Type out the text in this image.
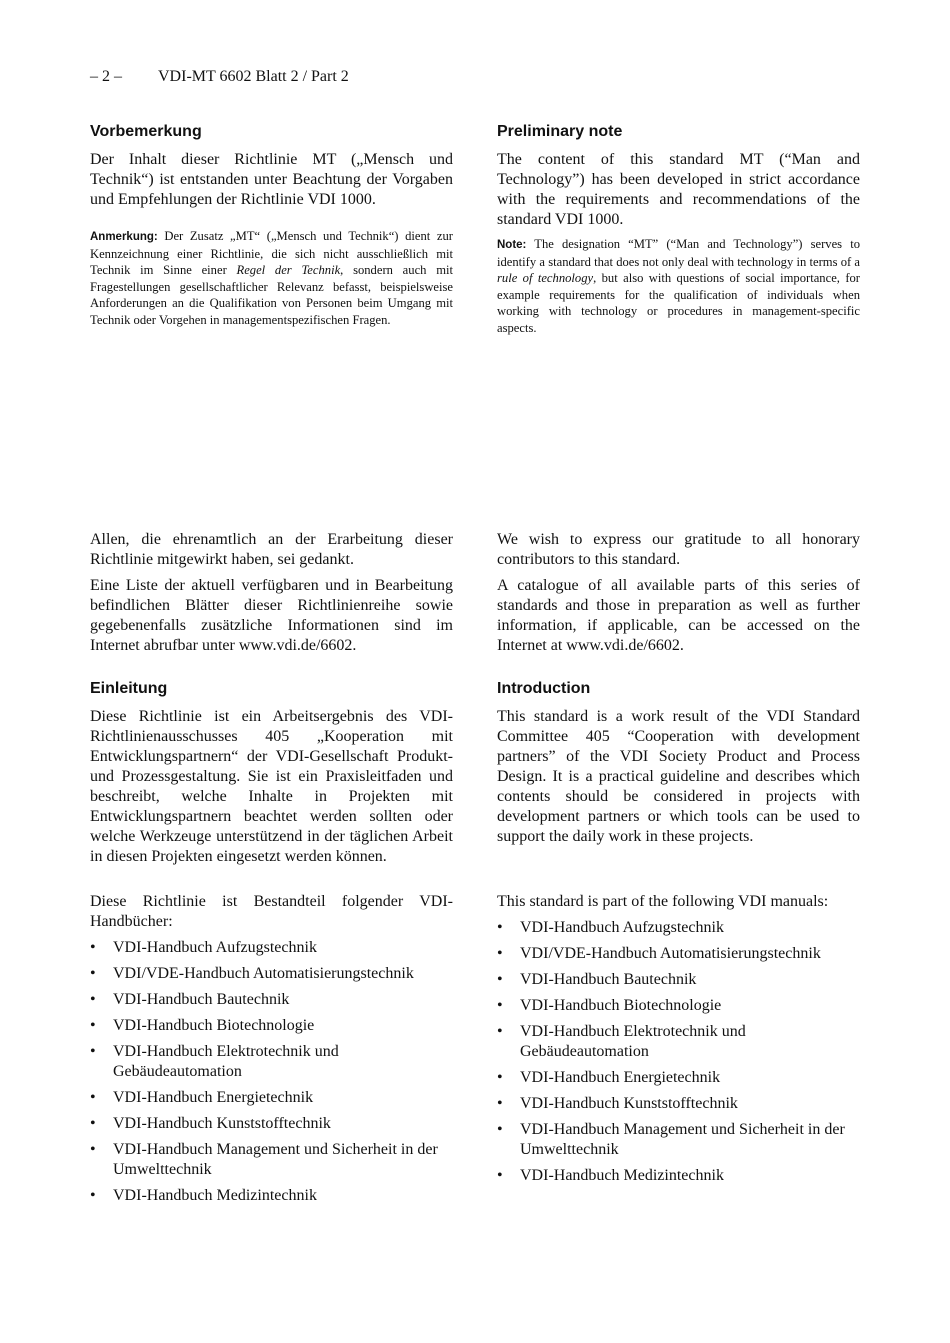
– 2 – VDI-MT 6602 Blatt 2 / Part 2
Vorbemerkung

Der Inhalt dieser Richtlinie MT („Mensch und Technik“) ist entstanden unter Beachtung der Vorgaben und Empfehlungen der Richtlinie VDI 1000.

Anmerkung: Der Zusatz „MT“ („Mensch und Technik“) dient zur Kennzeichnung einer Richtlinie, die sich nicht ausschließlich mit Technik im Sinne einer Regel der Technik, sondern auch mit Fragestellungen gesellschaftlicher Relevanz befasst, beispielsweise Anforderungen an die Qualifikation von Personen beim Umgang mit Technik oder Vorgehen in managementspezifischen Fragen.

Allen, die ehrenamtlich an der Erarbeitung dieser Richtlinie mitgewirkt haben, sei gedankt.

Eine Liste der aktuell verfügbaren und in Bearbeitung befindlichen Blätter dieser Richtlinienreihe sowie gegebenenfalls zusätzliche Informationen sind im Internet abrufbar unter www.vdi.de/6602.

Einleitung

Diese Richtlinie ist ein Arbeitsergebnis des VDI-Richtlinienausschusses 405 „Kooperation mit Entwicklungspartnern“ der VDI-Gesellschaft Produkt- und Prozessgestaltung. Sie ist ein Praxisleitfaden und beschreibt, welche Inhalte in Projekten mit Entwicklungspartnern beachtet werden sollten oder welche Werkzeuge unterstützend in der täglichen Arbeit in diesen Projekten eingesetzt werden können.

Diese Richtlinie ist Bestandteil folgender VDI-Handbücher:

• VDI-Handbuch Aufzugstechnik
• VDI/VDE-Handbuch Automatisierungstechnik
• VDI-Handbuch Bautechnik
• VDI-Handbuch Biotechnologie
• VDI-Handbuch Elektrotechnik und Gebäudeautomation
• VDI-Handbuch Energietechnik
• VDI-Handbuch Kunststofftechnik
• VDI-Handbuch Management und Sicherheit in der Umwelttechnik
• VDI-Handbuch Medizintechnik
Preliminary note

The content of this standard MT (“Man and Technology”) has been developed in strict accordance with the requirements and recommendations of the standard VDI 1000.

Note: The designation “MT” (“Man and Technology”) serves to identify a standard that does not only deal with technology in terms of a rule of technology, but also with questions of social importance, for example requirements for the qualification of individuals when working with technology or procedures in management-specific aspects.

We wish to express our gratitude to all honorary contributors to this standard.

A catalogue of all available parts of this series of standards and those in preparation as well as further information, if applicable, can be accessed on the Internet at www.vdi.de/6602.

Introduction

This standard is a work result of the VDI Standard Committee 405 “Cooperation with development partners” of the VDI Society Product and Process Design. It is a practical guideline and describes which contents should be considered in projects with development partners or which tools can be used to support the daily work in these projects.

This standard is part of the following VDI manuals:

• VDI-Handbuch Aufzugstechnik
• VDI/VDE-Handbuch Automatisierungstechnik
• VDI-Handbuch Bautechnik
• VDI-Handbuch Biotechnologie
• VDI-Handbuch Elektrotechnik und Gebäudeautomation
• VDI-Handbuch Energietechnik
• VDI-Handbuch Kunststofftechnik
• VDI-Handbuch Management und Sicherheit in der Umwelttechnik
• VDI-Handbuch Medizintechnik
